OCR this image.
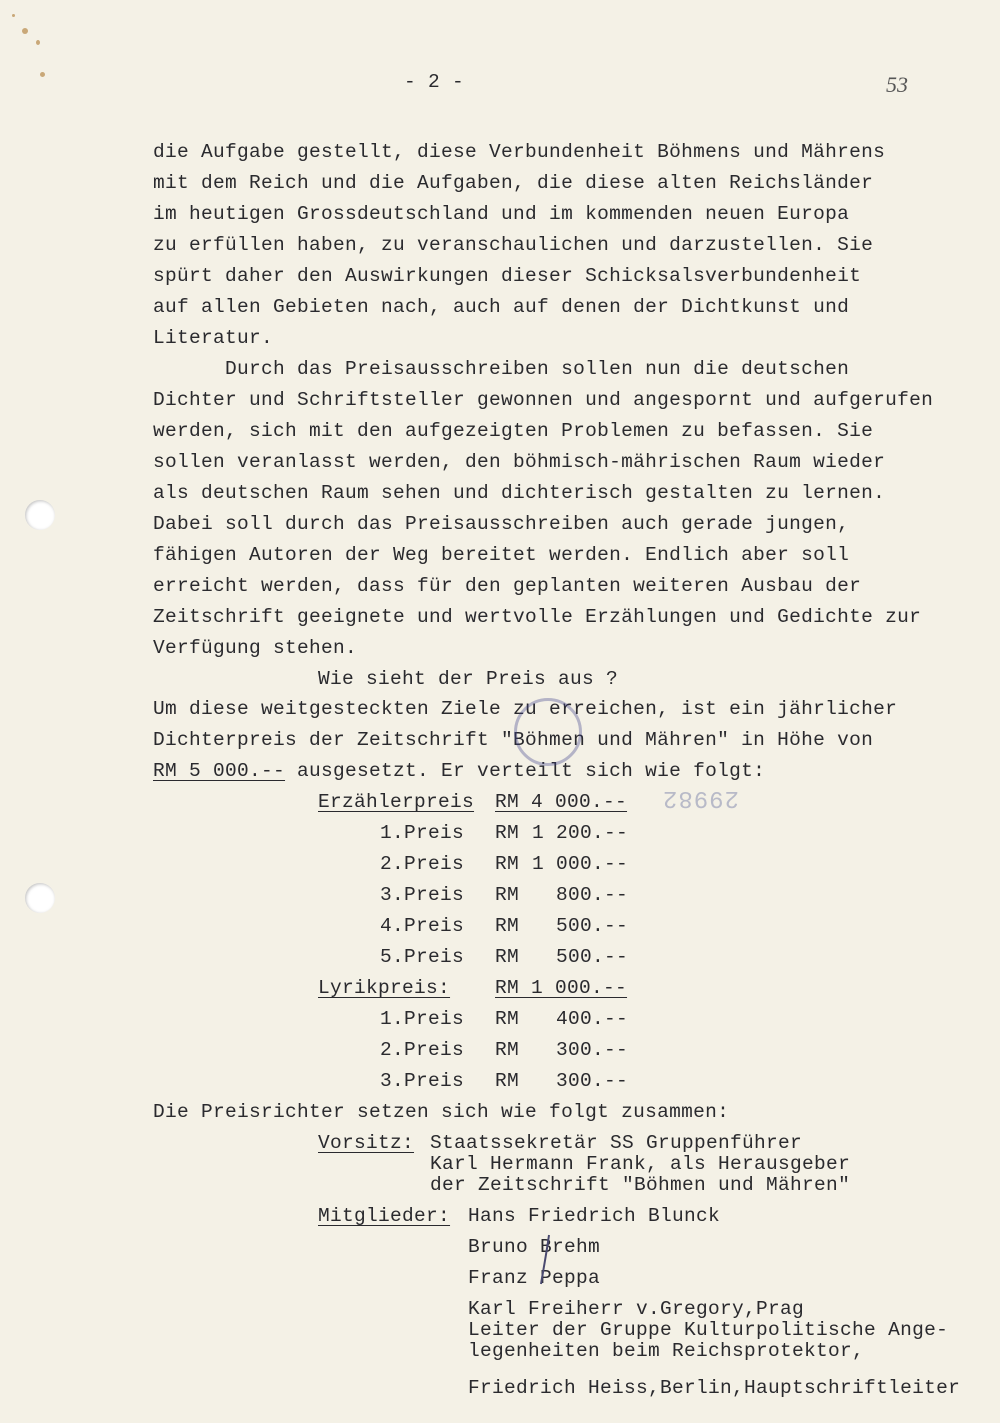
- 2 -	53
die Aufgabe gestellt, diese Verbundenheit Böhmens und Mährens
mit dem Reich und die Aufgaben, die diese alten Reichsländer
im heutigen Grossdeutschland und im kommenden neuen Europa
zu erfüllen haben, zu veranschaulichen und darzustellen. Sie
spürt daher den Auswirkungen dieser Schicksalsverbundenheit
auf allen Gebieten nach, auch auf denen der Dichtkunst und
Literatur.
Durch das Preisausschreiben sollen nun die deutschen
Dichter und Schriftsteller gewonnen und angespornt und aufgerufen
werden, sich mit den aufgezeigten Problemen zu befassen. Sie
sollen veranlasst werden, den böhmisch-mährischen Raum wieder
als deutschen Raum sehen und dichterisch gestalten zu lernen.
Dabei soll durch das Preisausschreiben auch gerade jungen,
fähigen Autoren der Weg bereitet werden. Endlich aber soll
erreicht werden, dass für den geplanten weiteren Ausbau der
Zeitschrift geeignete und wertvolle Erzählungen und Gedichte zur
Verfügung stehen.
Wie sieht der Preis aus ?
Um diese weitgesteckten Ziele zu erreichen, ist ein jährlicher
Dichterpreis der Zeitschrift "Böhmen und Mähren" in Höhe von
RM 5 000.-- ausgesetzt. Er verteilt sich wie folgt:
29982
Erzählerpreis RM 4 000.--
1.Preis RM 1 200.--
2.Preis RM 1 000.--
3.Preis RM 800.--
4.Preis RM 500.--
5.Preis RM 500.--
Lyrikpreis: RM 1 000.--
1.Preis RM 400.--
2.Preis RM 300.--
3.Preis RM 300.--
Die Preisrichter setzen sich wie folgt zusammen:
Vorsitz: Staatssekretär SS Gruppenführer
Karl Hermann Frank, als Herausgeber
der Zeitschrift "Böhmen und Mähren"
Mitglieder: Hans Friedrich Blunck
Bruno Brehm
Franz Peppa
Karl Freiherr v.Gregory,Prag
Leiter der Gruppe Kulturpolitische Ange-
legenheiten beim Reichsprotektor,
Friedrich Heiss,Berlin,Hauptschriftleiter
